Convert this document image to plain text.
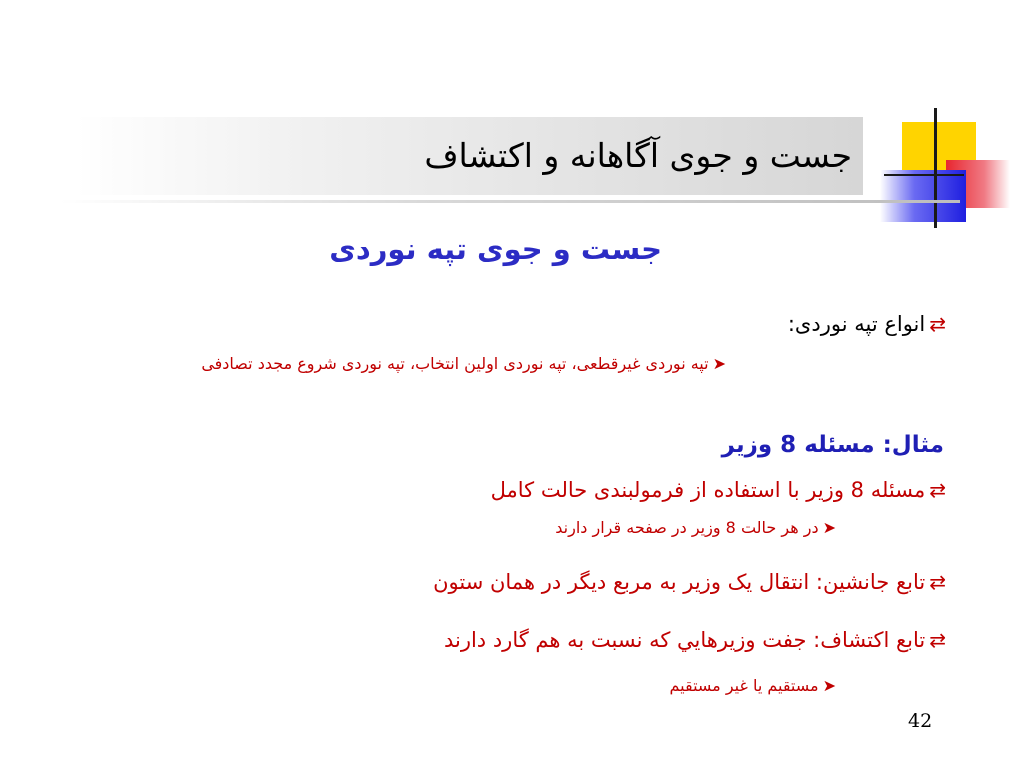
جست و جوی آگاهانه و اکتشاف
جست و جوی تپه نوردی
⇄
انواع تپه نوردی:
➤
تپه نوردی غیرقطعی، تپه نوردی اولین انتخاب، تپه نوردی شروع مجدد تصادفی
مثال: مسئله 8 وزیر
⇄
مسئله 8 وزیر با استفاده از فرمولبندی حالت کامل
➤
در هر حالت 8 وزیر در صفحه قرار دارند
⇄
تابع جانشین: انتقال یک وزیر به مربع دیگر در همان ستون
⇄
تابع اکتشاف: جفت وزیرهايي که نسبت به هم گارد دارند
➤
مستقیم یا غیر مستقیم
42
